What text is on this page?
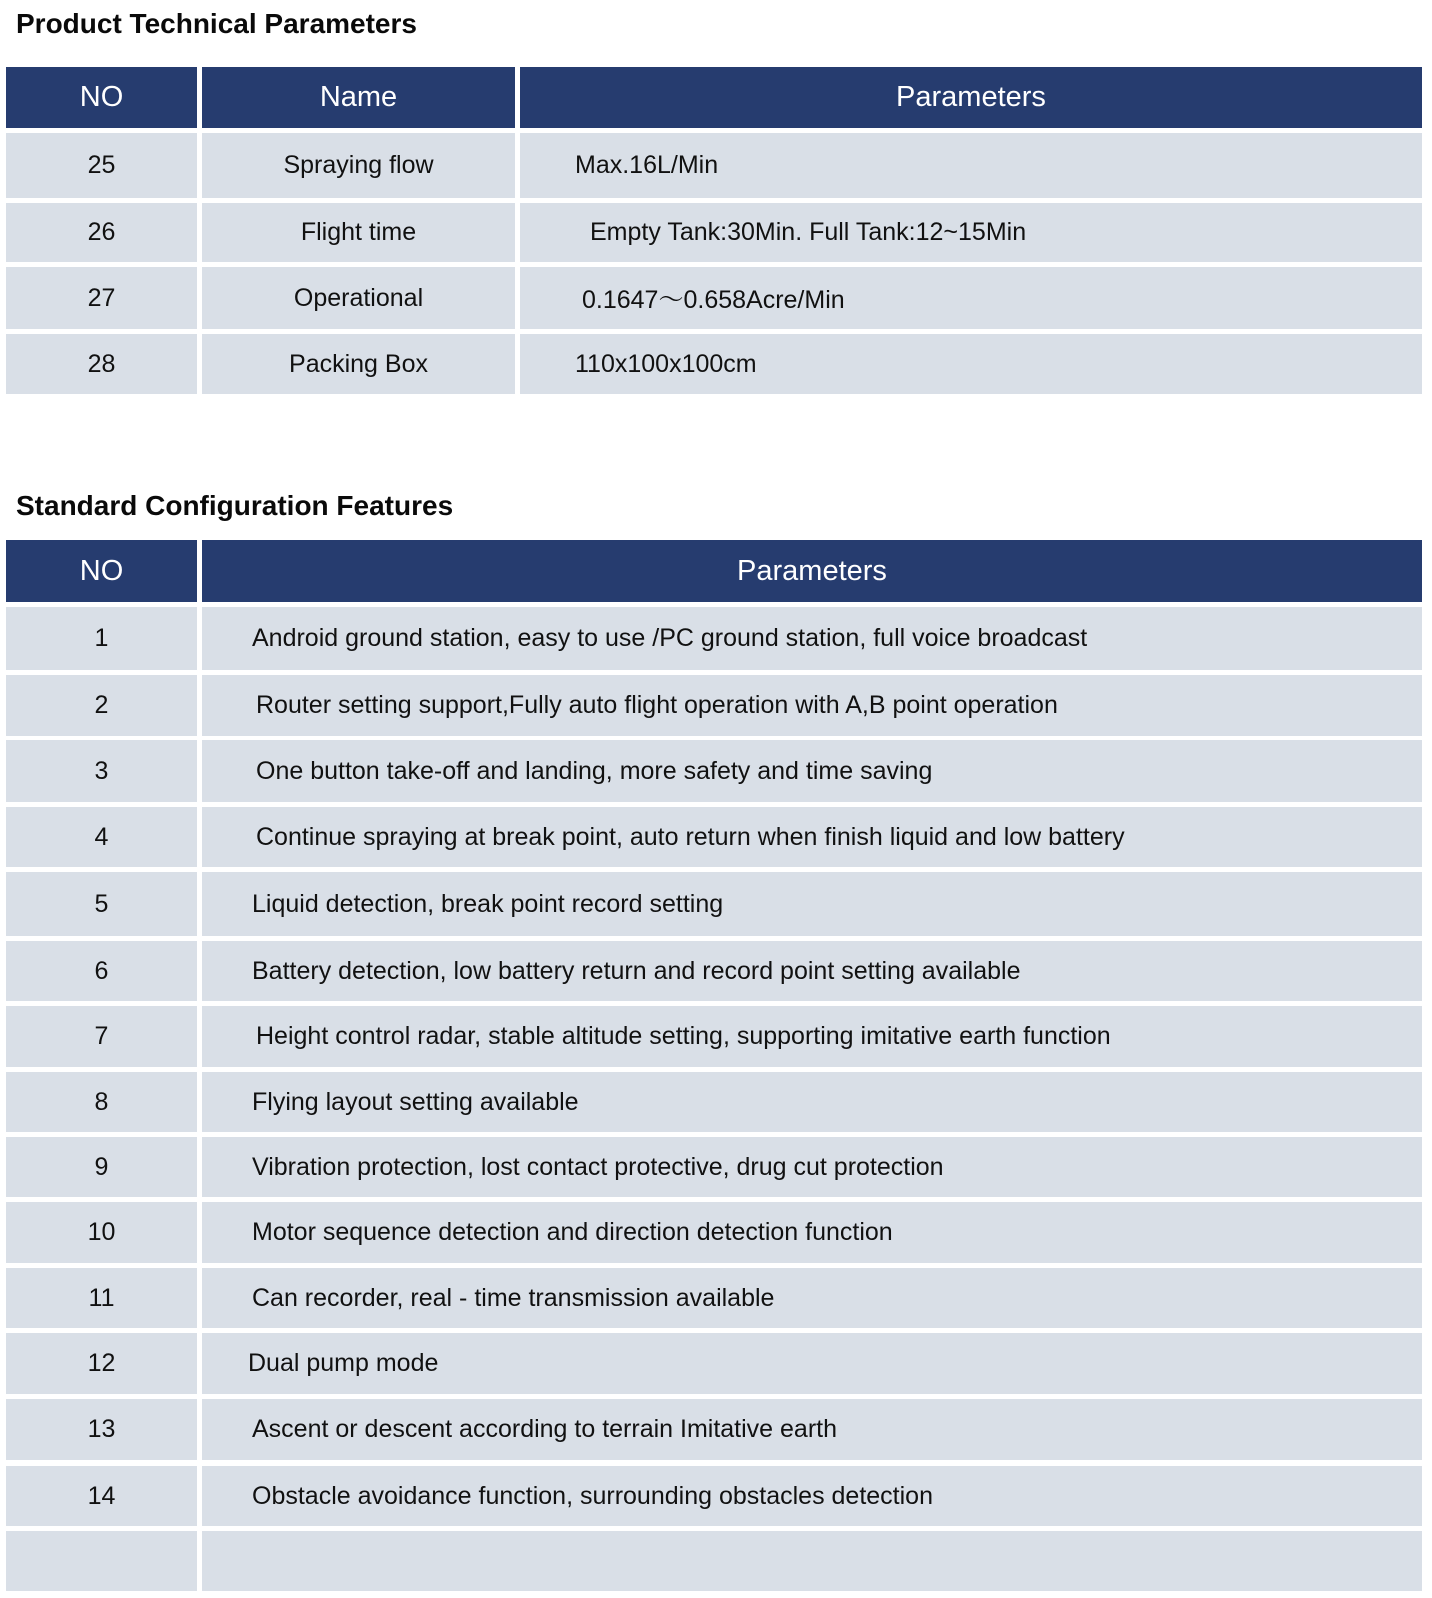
Product Technical Parameters
NO	Name	Parameters
25	Spraying flow	Max.16L/Min
26	Flight time	Empty Tank:30Min. Full Tank:12~15Min
27	Operational	0.1647～0.658Acre/Min
28	Packing Box	110x100x100cm
Standard Configuration Features
NO	Parameters
1	Android ground station, easy to use /PC ground station, full voice broadcast
2	Router setting support,Fully auto flight operation with A,B point operation
3	One button take-off and landing, more safety and time saving
4	Continue spraying at break point, auto return when finish liquid and low battery
5	Liquid detection, break point record setting
6	Battery detection, low battery return and record point setting available
7	Height control radar, stable altitude setting, supporting imitative earth function
8	Flying layout setting available
9	Vibration protection, lost contact protective, drug cut protection
10	Motor sequence detection and direction detection function
11	Can recorder, real - time transmission available
12	Dual pump mode
13	Ascent or descent according to terrain Imitative earth
14	Obstacle avoidance function, surrounding obstacles detection
